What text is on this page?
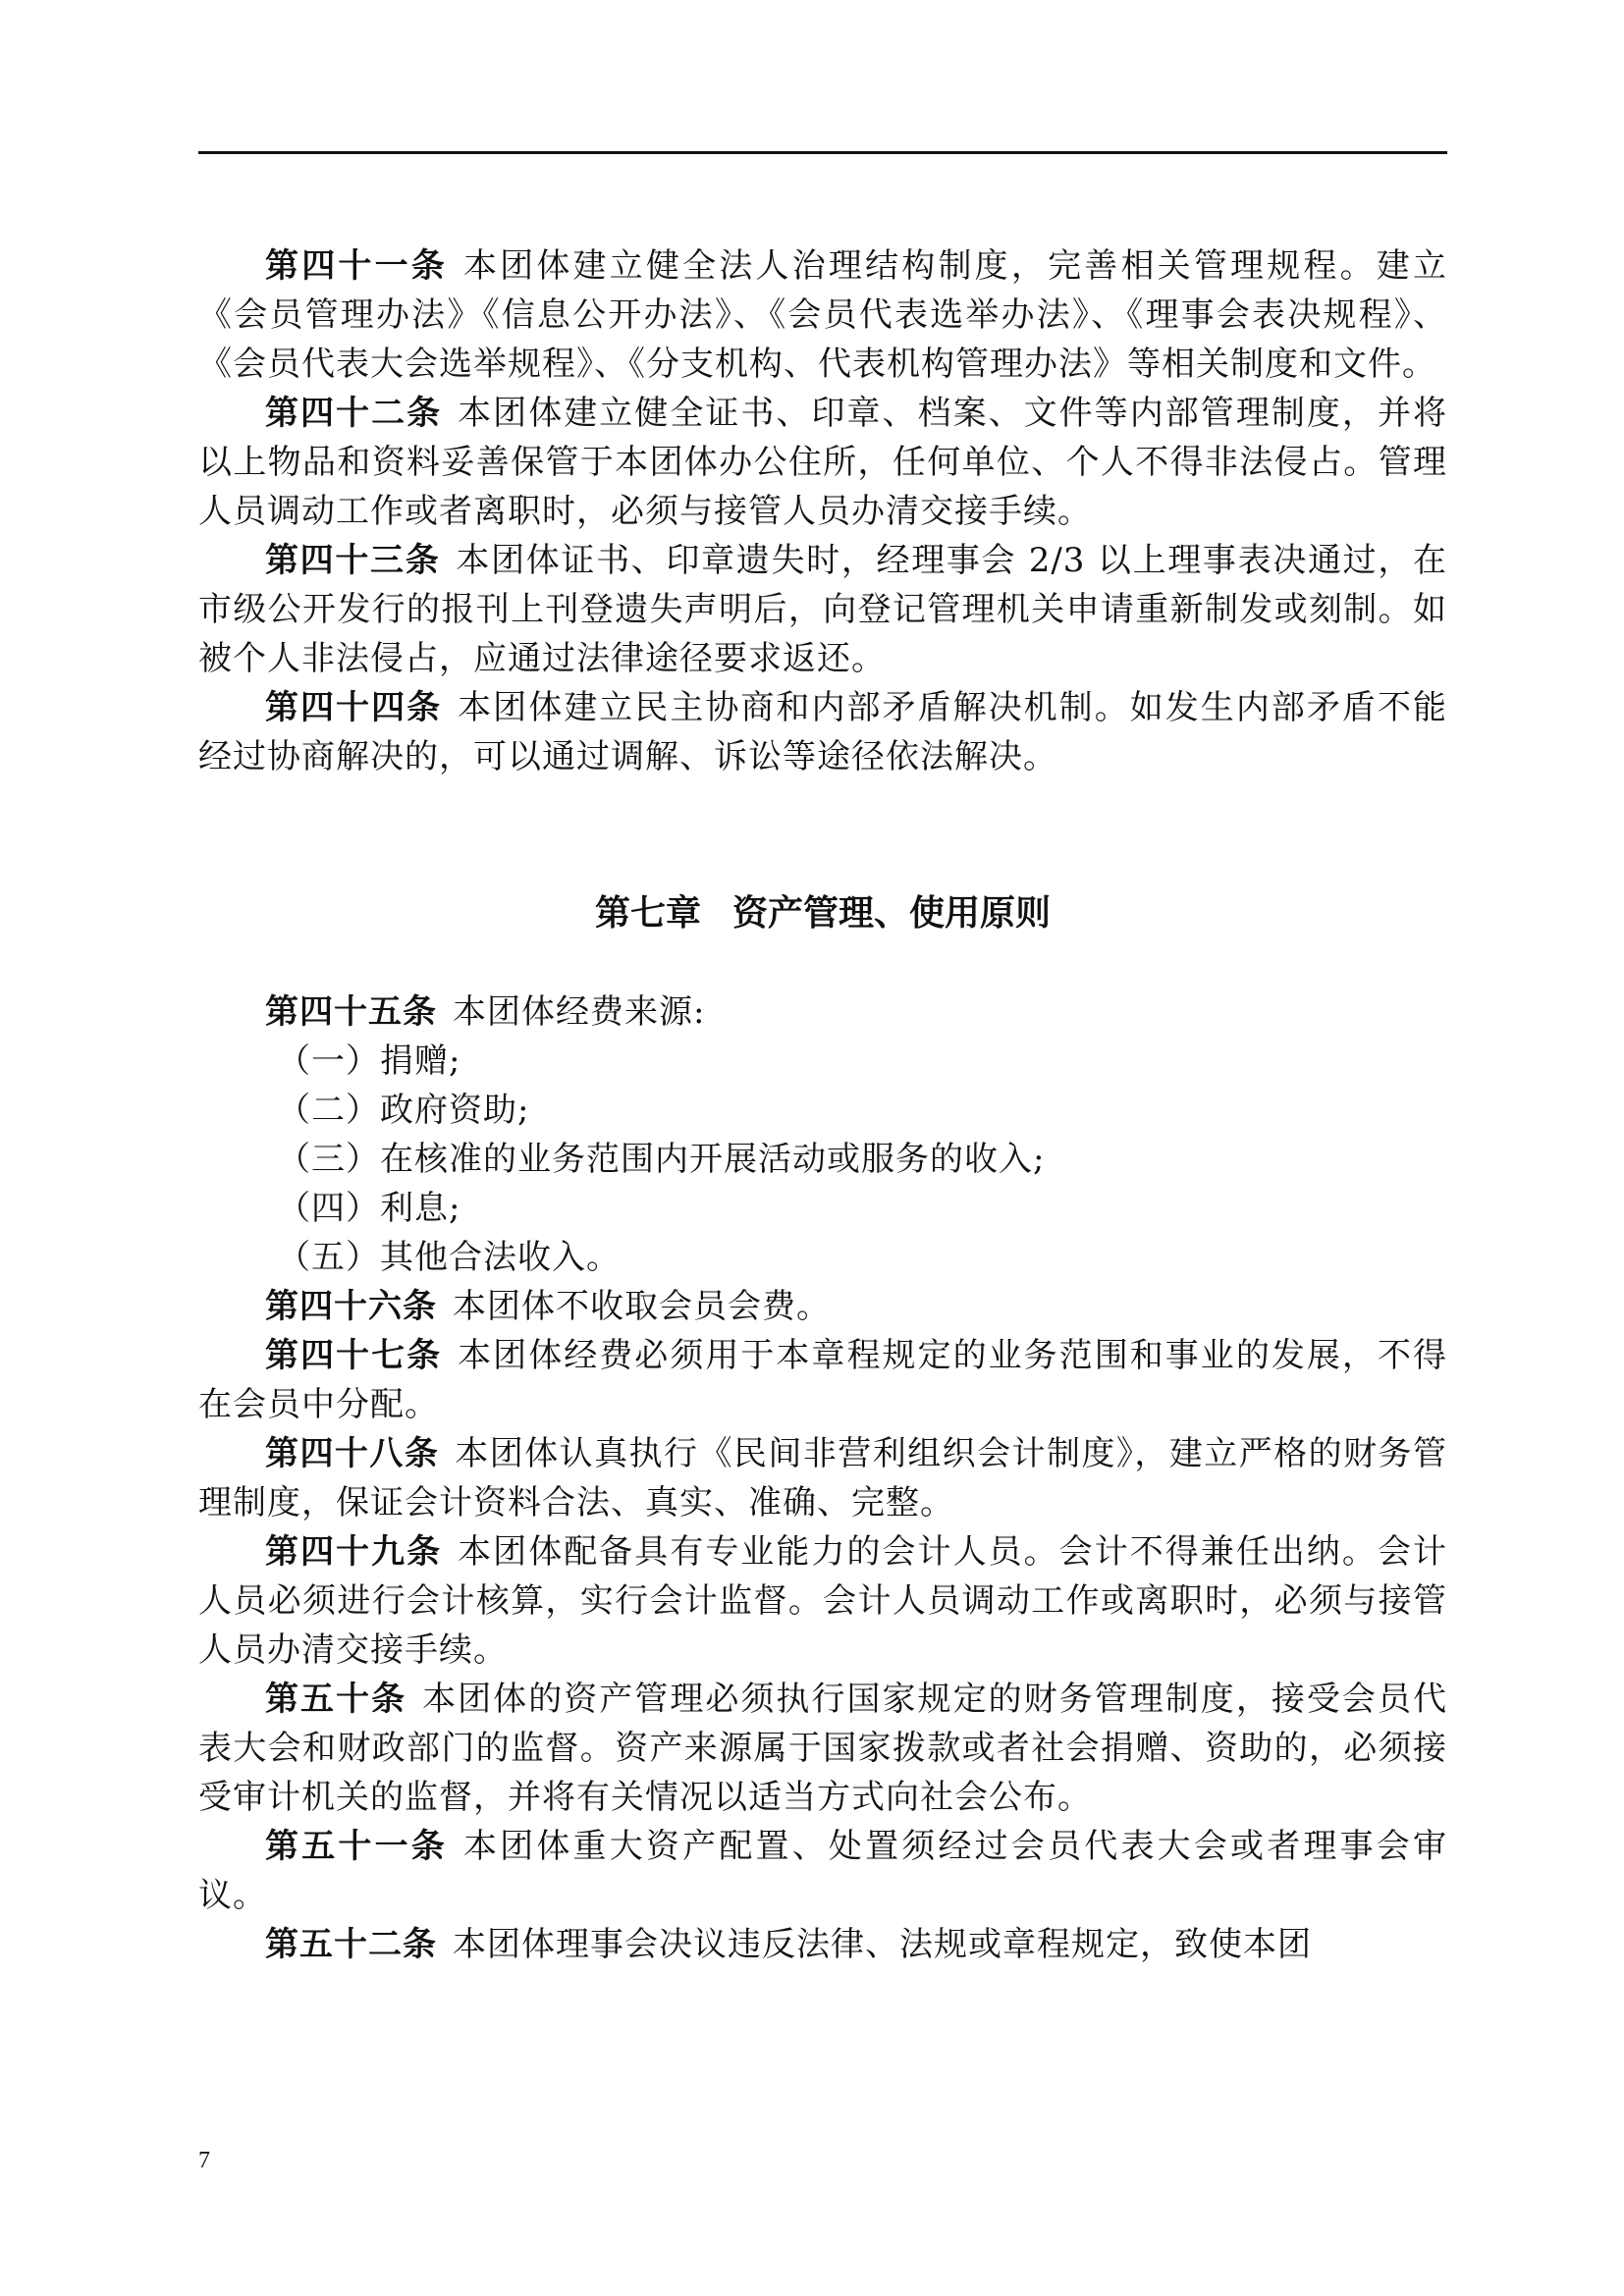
第四十一条 本团体建立健全法人治理结构制度，完善相关管理规程。建立《会员管理办法》《信息公开办法》、《会员代表选举办法》、《理事会表决规程》、《会员代表大会选举规程》、《分支机构、代表机构管理办法》等相关制度和文件。

第四十二条 本团体建立健全证书、印章、档案、文件等内部管理制度，并将以上物品和资料妥善保管于本团体办公住所，任何单位、个人不得非法侵占。管理人员调动工作或者离职时，必须与接管人员办清交接手续。

第四十三条 本团体证书、印章遗失时，经理事会 2/3 以上理事表决通过，在市级公开发行的报刊上刊登遗失声明后，向登记管理机关申请重新制发或刻制。如被个人非法侵占，应通过法律途径要求返还。

第四十四条 本团体建立民主协商和内部矛盾解决机制。如发生内部矛盾不能经过协商解决的，可以通过调解、诉讼等途径依法解决。

第七章 资产管理、使用原则

第四十五条 本团体经费来源:

（一）捐赠;

（二）政府资助;

（三）在核准的业务范围内开展活动或服务的收入;

（四）利息;

（五）其他合法收入。

第四十六条 本团体不收取会员会费。

第四十七条 本团体经费必须用于本章程规定的业务范围和事业的发展，不得在会员中分配。

第四十八条 本团体认真执行《民间非营利组织会计制度》，建立严格的财务管理制度，保证会计资料合法、真实、准确、完整。

第四十九条 本团体配备具有专业能力的会计人员。会计不得兼任出纳。会计人员必须进行会计核算，实行会计监督。会计人员调动工作或离职时，必须与接管人员办清交接手续。

第五十条 本团体的资产管理必须执行国家规定的财务管理制度，接受会员代表大会和财政部门的监督。资产来源属于国家拨款或者社会捐赠、资助的，必须接受审计机关的监督，并将有关情况以适当方式向社会公布。

第五十一条 本团体重大资产配置、处置须经过会员代表大会或者理事会审议。

第五十二条 本团体理事会决议违反法律、法规或章程规定，致使本团

7
